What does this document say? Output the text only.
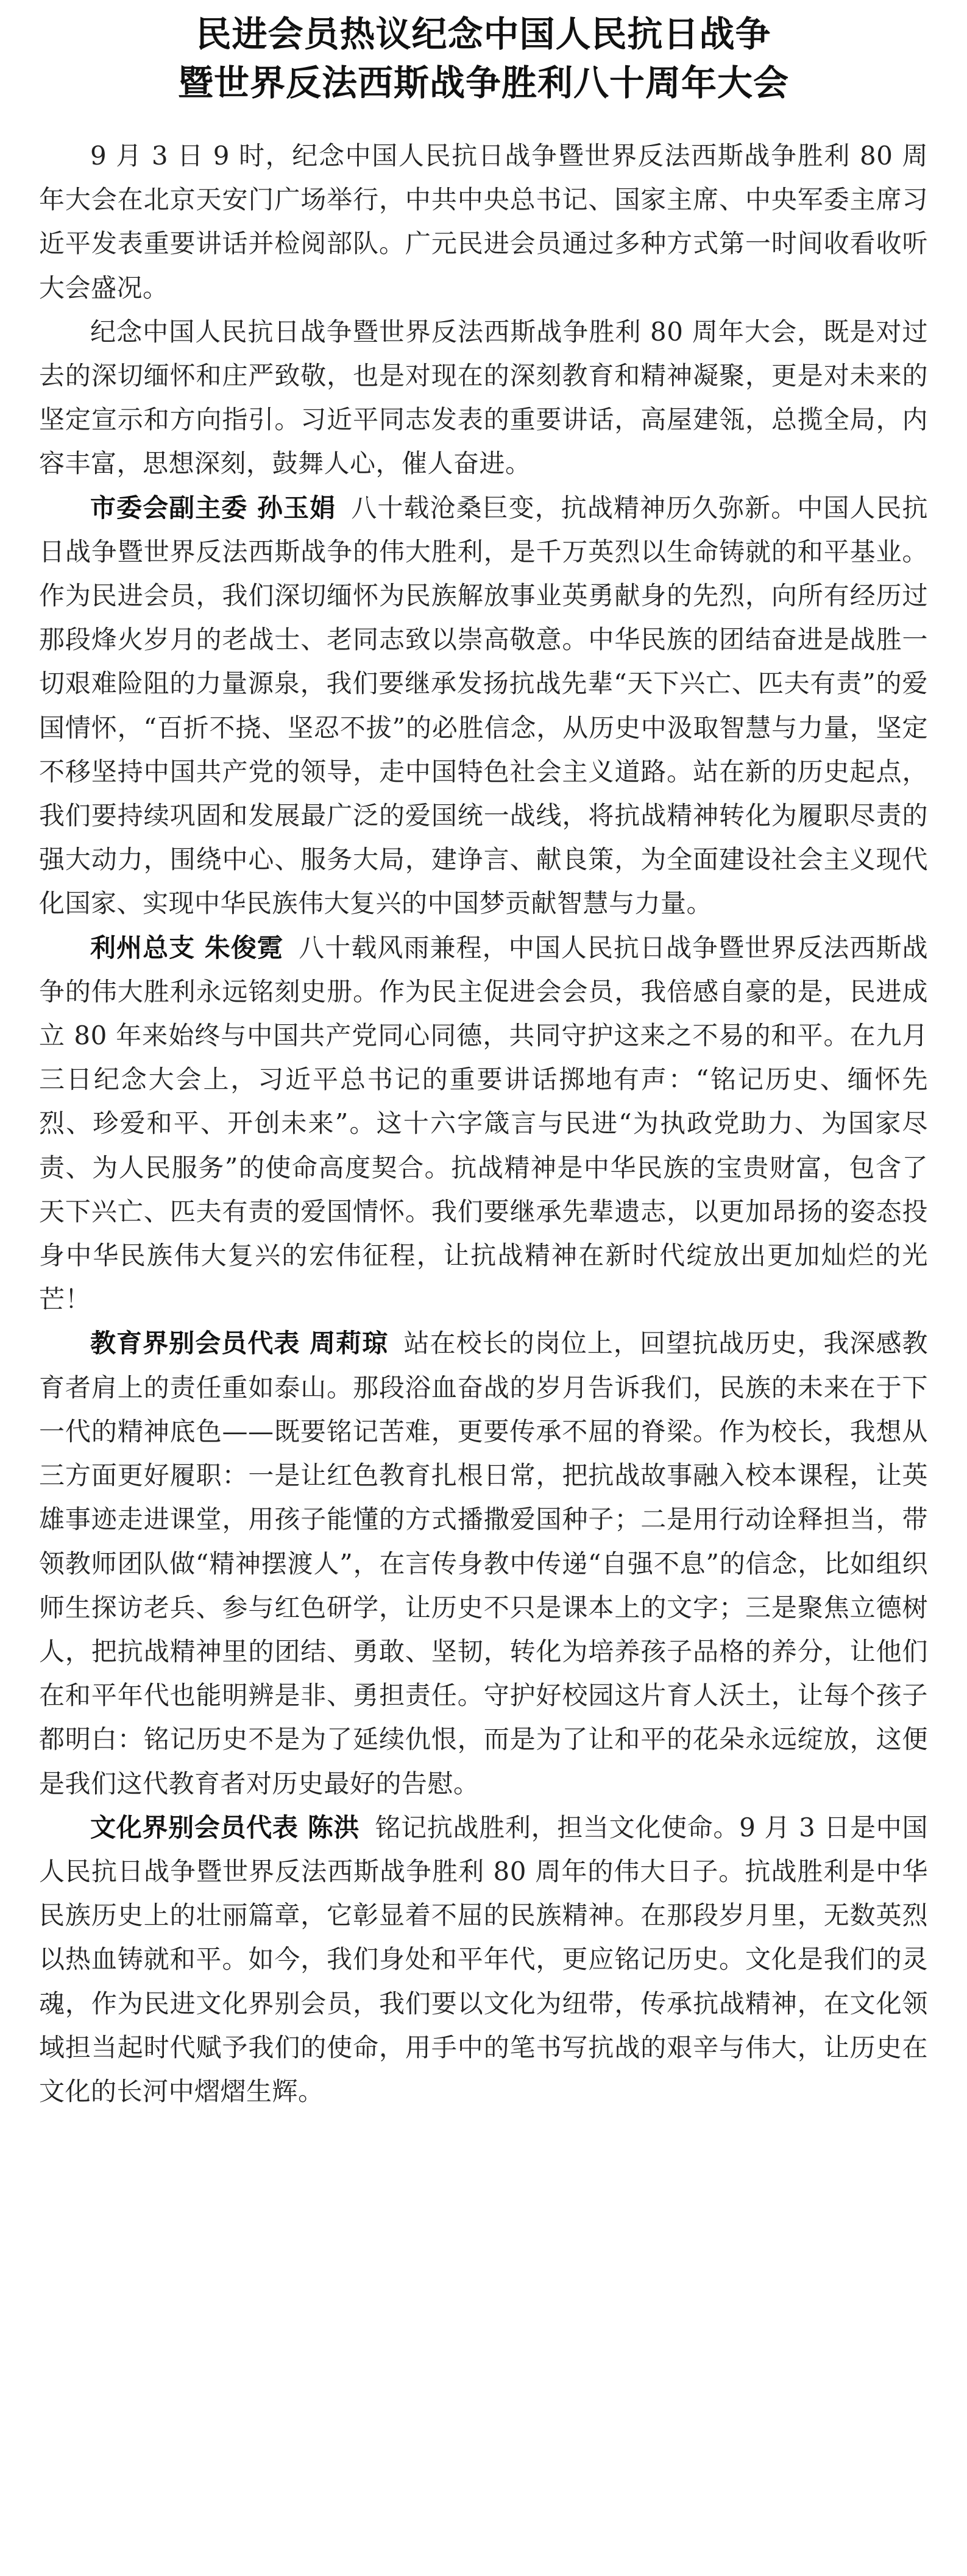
民进会员热议纪念中国人民抗日战争
暨世界反法西斯战争胜利八十周年大会

9 月 3 日 9 时，纪念中国人民抗日战争暨世界反法西斯战争胜利 80 周年大会在北京天安门广场举行，中共中央总书记、国家主席、中央军委主席习近平发表重要讲话并检阅部队。广元民进会员通过多种方式第一时间收看收听大会盛况。

纪念中国人民抗日战争暨世界反法西斯战争胜利 80 周年大会，既是对过去的深切缅怀和庄严致敬，也是对现在的深刻教育和精神凝聚，更是对未来的坚定宣示和方向指引。习近平同志发表的重要讲话，高屋建瓴，总揽全局，内容丰富，思想深刻，鼓舞人心，催人奋进。

市委会副主委 孙玉娟 八十载沧桑巨变，抗战精神历久弥新。中国人民抗日战争暨世界反法西斯战争的伟大胜利，是千万英烈以生命铸就的和平基业。作为民进会员，我们深切缅怀为民族解放事业英勇献身的先烈，向所有经历过那段烽火岁月的老战士、老同志致以崇高敬意。中华民族的团结奋进是战胜一切艰难险阻的力量源泉，我们要继承发扬抗战先辈“天下兴亡、匹夫有责”的爱国情怀，“百折不挠、坚忍不拔”的必胜信念，从历史中汲取智慧与力量，坚定不移坚持中国共产党的领导，走中国特色社会主义道路。站在新的历史起点，我们要持续巩固和发展最广泛的爱国统一战线，将抗战精神转化为履职尽责的强大动力，围绕中心、服务大局，建诤言、献良策，为全面建设社会主义现代化国家、实现中华民族伟大复兴的中国梦贡献智慧与力量。

利州总支 朱俊霓 八十载风雨兼程，中国人民抗日战争暨世界反法西斯战争的伟大胜利永远铭刻史册。作为民主促进会会员，我倍感自豪的是，民进成立 80 年来始终与中国共产党同心同德，共同守护这来之不易的和平。在九月三日纪念大会上，习近平总书记的重要讲话掷地有声：“铭记历史、缅怀先烈、珍爱和平、开创未来”。这十六字箴言与民进“为执政党助力、为国家尽责、为人民服务”的使命高度契合。抗战精神是中华民族的宝贵财富，包含了天下兴亡、匹夫有责的爱国情怀。我们要继承先辈遗志，以更加昂扬的姿态投身中华民族伟大复兴的宏伟征程，让抗战精神在新时代绽放出更加灿烂的光芒！

教育界别会员代表 周莉琼 站在校长的岗位上，回望抗战历史，我深感教育者肩上的责任重如泰山。那段浴血奋战的岁月告诉我们，民族的未来在于下一代的精神底色——既要铭记苦难，更要传承不屈的脊梁。作为校长，我想从三方面更好履职：一是让红色教育扎根日常，把抗战故事融入校本课程，让英雄事迹走进课堂，用孩子能懂的方式播撒爱国种子；二是用行动诠释担当，带领教师团队做“精神摆渡人”，在言传身教中传递“自强不息”的信念，比如组织师生探访老兵、参与红色研学，让历史不只是课本上的文字；三是聚焦立德树人，把抗战精神里的团结、勇敢、坚韧，转化为培养孩子品格的养分，让他们在和平年代也能明辨是非、勇担责任。守护好校园这片育人沃土，让每个孩子都明白：铭记历史不是为了延续仇恨，而是为了让和平的花朵永远绽放，这便是我们这代教育者对历史最好的告慰。

文化界别会员代表 陈洪 铭记抗战胜利，担当文化使命。9 月 3 日是中国人民抗日战争暨世界反法西斯战争胜利 80 周年的伟大日子。抗战胜利是中华民族历史上的壮丽篇章，它彰显着不屈的民族精神。在那段岁月里，无数英烈以热血铸就和平。如今，我们身处和平年代，更应铭记历史。文化是我们的灵魂，作为民进文化界别会员，我们要以文化为纽带，传承抗战精神，在文化领域担当起时代赋予我们的使命，用手中的笔书写抗战的艰辛与伟大，让历史在文化的长河中熠熠生辉。
